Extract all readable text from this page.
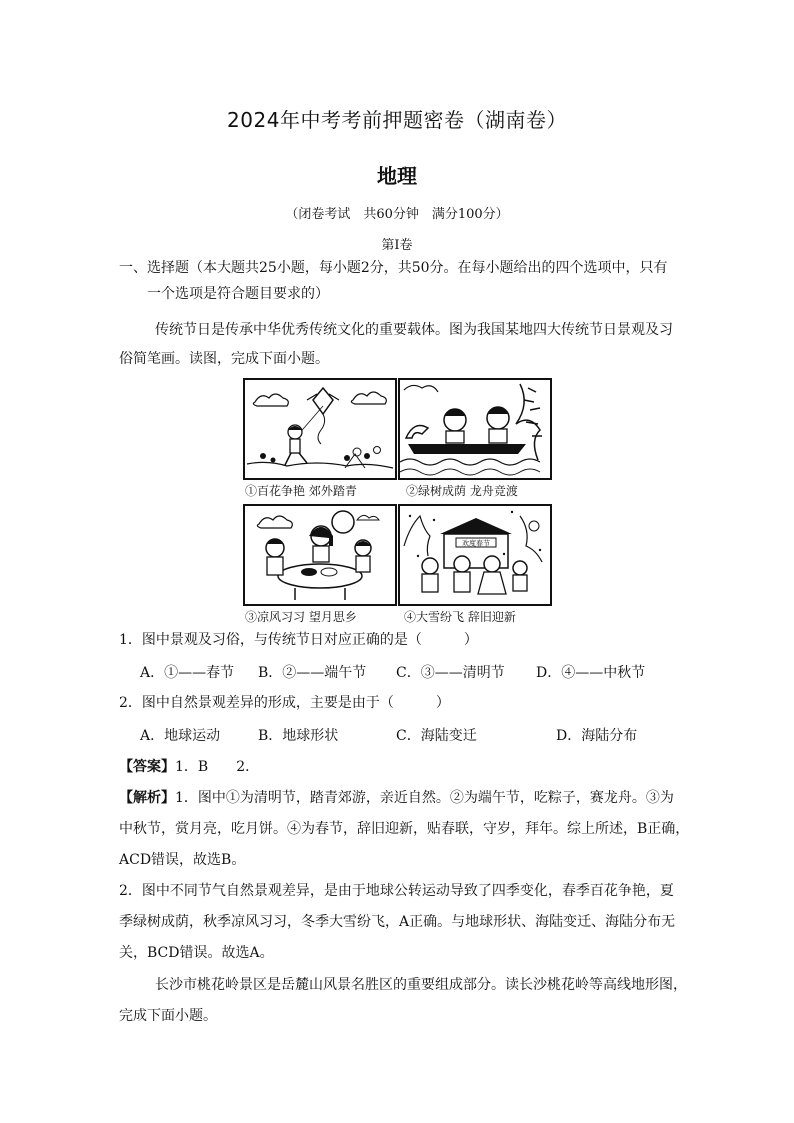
2024年中考考前押题密卷（湖南卷）
地理
（闭卷考试　共60分钟　满分100分）
第Ⅰ卷
一、选择题（本大题共25小题，每小题2分，共50分。在每小题给出的四个选项中，只有
一个选项是符合题目要求的）
传统节日是传承中华优秀传统文化的重要载体。图为我国某地四大传统节日景观及习
俗简笔画。读图，完成下面小题。
①百花争艳 郊外踏青	②绿树成荫 龙舟竞渡
③凉风习习 望月思乡
欢度春节
④大雪纷飞 辞旧迎新
1．图中景观及习俗，与传统节日对应正确的是（　　　）
A．①——春节 B．②——端午节 C．③——清明节 D．④——中秋节
2．图中自然景观差异的形成，主要是由于（　　　）
A．地球运动	B．地球形状	C．海陆变迁	D．海陆分布
【答案】1．B　　2．
【解析】1．图中①为清明节，踏青郊游，亲近自然。②为端午节，吃粽子，赛龙舟。③为
中秋节，赏月亮，吃月饼。④为春节，辞旧迎新，贴春联，守岁，拜年。综上所述，B正确，
ACD错误，故选B。
2．图中不同节气自然景观差异，是由于地球公转运动导致了四季变化，春季百花争艳，夏
季绿树成荫，秋季凉风习习，冬季大雪纷飞，A正确。与地球形状、海陆变迁、海陆分布无
关，BCD错误。故选A。
长沙市桃花岭景区是岳麓山风景名胜区的重要组成部分。读长沙桃花岭等高线地形图，
完成下面小题。
